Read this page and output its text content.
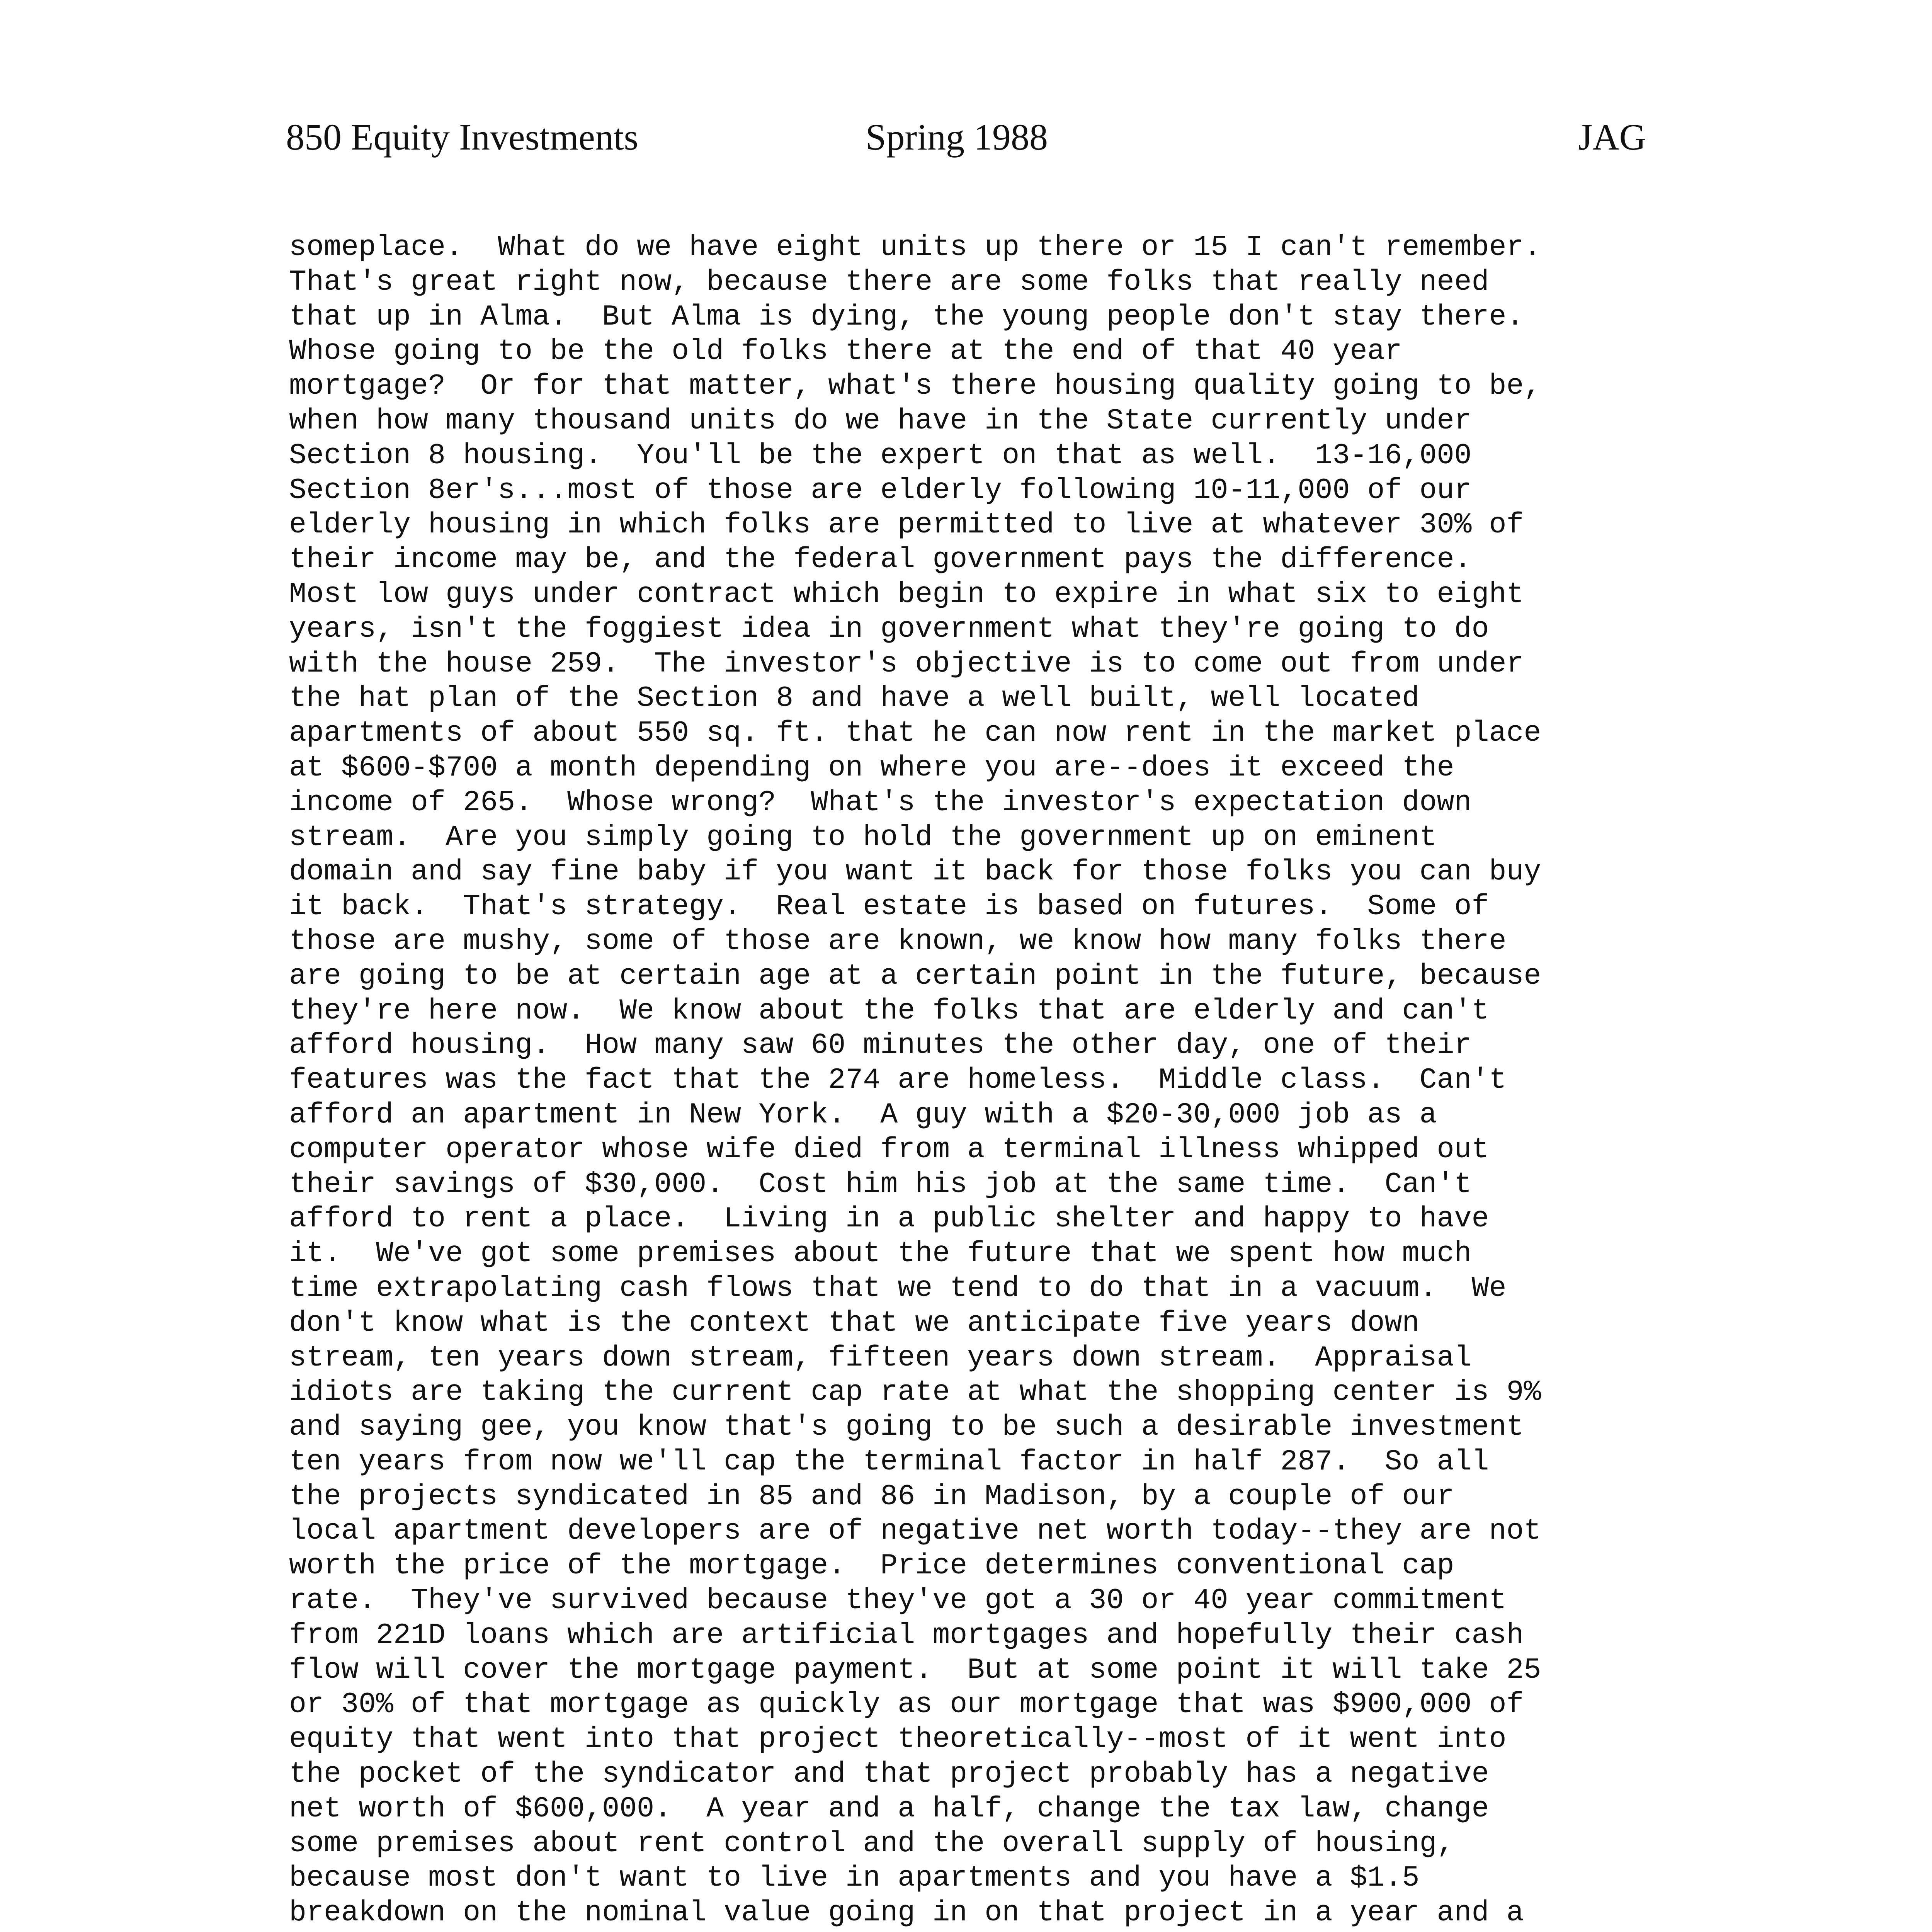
850 Equity Investments	Spring 1988	JAG
someplace.  What do we have eight units up there or 15 I can't remember.
That's great right now, because there are some folks that really need
that up in Alma.  But Alma is dying, the young people don't stay there.
Whose going to be the old folks there at the end of that 40 year
mortgage?  Or for that matter, what's there housing quality going to be,
when how many thousand units do we have in the State currently under
Section 8 housing.  You'll be the expert on that as well.  13-16,000
Section 8er's...most of those are elderly following 10-11,000 of our
elderly housing in which folks are permitted to live at whatever 30% of
their income may be, and the federal government pays the difference.
Most low guys under contract which begin to expire in what six to eight
years, isn't the foggiest idea in government what they're going to do
with the house 259.  The investor's objective is to come out from under
the hat plan of the Section 8 and have a well built, well located
apartments of about 550 sq. ft. that he can now rent in the market place
at $600-$700 a month depending on where you are--does it exceed the
income of 265.  Whose wrong?  What's the investor's expectation down
stream.  Are you simply going to hold the government up on eminent
domain and say fine baby if you want it back for those folks you can buy
it back.  That's strategy.  Real estate is based on futures.  Some of
those are mushy, some of those are known, we know how many folks there
are going to be at certain age at a certain point in the future, because
they're here now.  We know about the folks that are elderly and can't
afford housing.  How many saw 60 minutes the other day, one of their
features was the fact that the 274 are homeless.  Middle class.  Can't
afford an apartment in New York.  A guy with a $20-30,000 job as a
computer operator whose wife died from a terminal illness whipped out
their savings of $30,000.  Cost him his job at the same time.  Can't
afford to rent a place.  Living in a public shelter and happy to have
it.  We've got some premises about the future that we spent how much
time extrapolating cash flows that we tend to do that in a vacuum.  We
don't know what is the context that we anticipate five years down
stream, ten years down stream, fifteen years down stream.  Appraisal
idiots are taking the current cap rate at what the shopping center is 9%
and saying gee, you know that's going to be such a desirable investment
ten years from now we'll cap the terminal factor in half 287.  So all
the projects syndicated in 85 and 86 in Madison, by a couple of our
local apartment developers are of negative net worth today--they are not
worth the price of the mortgage.  Price determines conventional cap
rate.  They've survived because they've got a 30 or 40 year commitment
from 221D loans which are artificial mortgages and hopefully their cash
flow will cover the mortgage payment.  But at some point it will take 25
or 30% of that mortgage as quickly as our mortgage that was $900,000 of
equity that went into that project theoretically--most of it went into
the pocket of the syndicator and that project probably has a negative
net worth of $600,000.  A year and a half, change the tax law, change
some premises about rent control and the overall supply of housing,
because most don't want to live in apartments and you have a $1.5
breakdown on the nominal value going in on that project in a year and a
